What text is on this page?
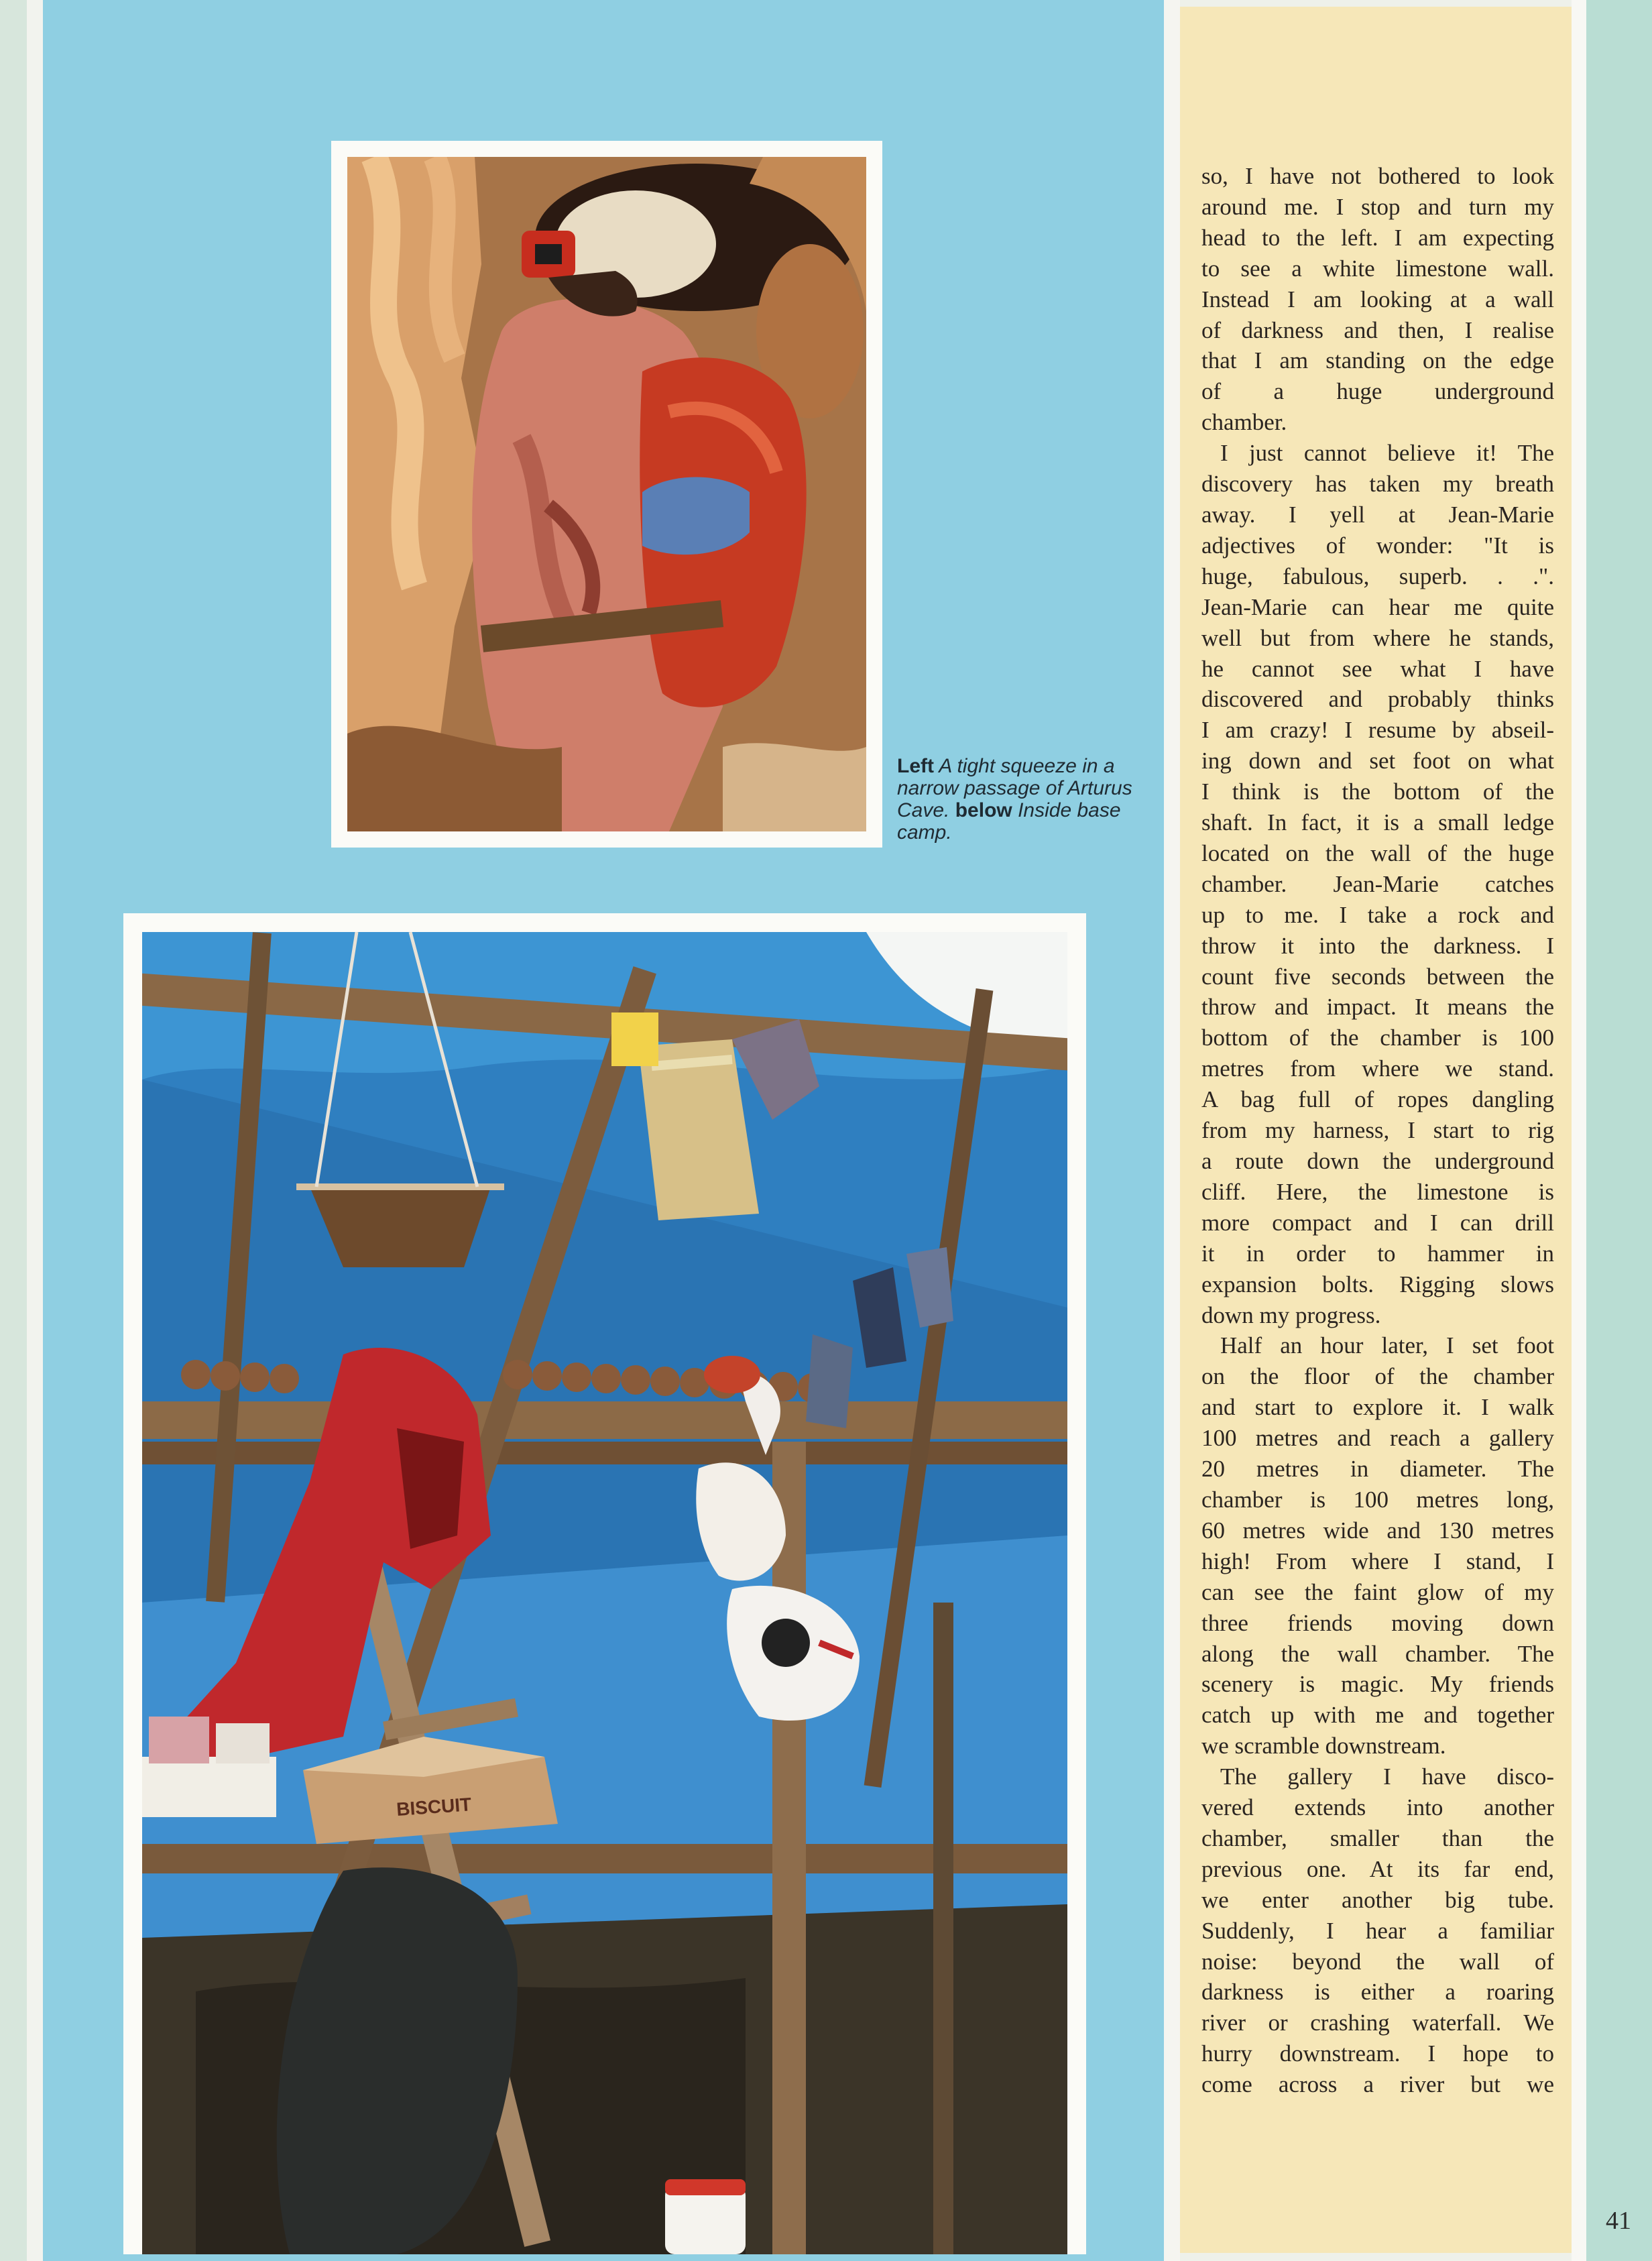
Left A tight squeeze in a
narrow passage of Arturus
Cave. below Inside base
camp.
BISCUIT
so, I have not bothered to look
around me. I stop and turn my
head to the left. I am expecting
to see a white limestone wall.
Instead I am looking at a wall
of darkness and then, I realise
that I am standing on the edge
of a huge underground
chamber.
I just cannot believe it! The
discovery has taken my breath
away. I yell at Jean-Marie
adjectives of wonder: "It is
huge, fabulous, superb. . .".
Jean-Marie can hear me quite
well but from where he stands,
he cannot see what I have
discovered and probably thinks
I am crazy! I resume by abseil-
ing down and set foot on what
I think is the bottom of the
shaft. In fact, it is a small ledge
located on the wall of the huge
chamber. Jean-Marie catches
up to me. I take a rock and
throw it into the darkness. I
count five seconds between the
throw and impact. It means the
bottom of the chamber is 100
metres from where we stand.
A bag full of ropes dangling
from my harness, I start to rig
a route down the underground
cliff. Here, the limestone is
more compact and I can drill
it in order to hammer in
expansion bolts. Rigging slows
down my progress.
Half an hour later, I set foot
on the floor of the chamber
and start to explore it. I walk
100 metres and reach a gallery
20 metres in diameter. The
chamber is 100 metres long,
60 metres wide and 130 metres
high! From where I stand, I
can see the faint glow of my
three friends moving down
along the wall chamber. The
scenery is magic. My friends
catch up with me and together
we scramble downstream.
The gallery I have disco-
vered extends into another
chamber, smaller than the
previous one. At its far end,
we enter another big tube.
Suddenly, I hear a familiar
noise: beyond the wall of
darkness is either a roaring
river or crashing waterfall. We
hurry downstream. I hope to
come across a river but we
41
